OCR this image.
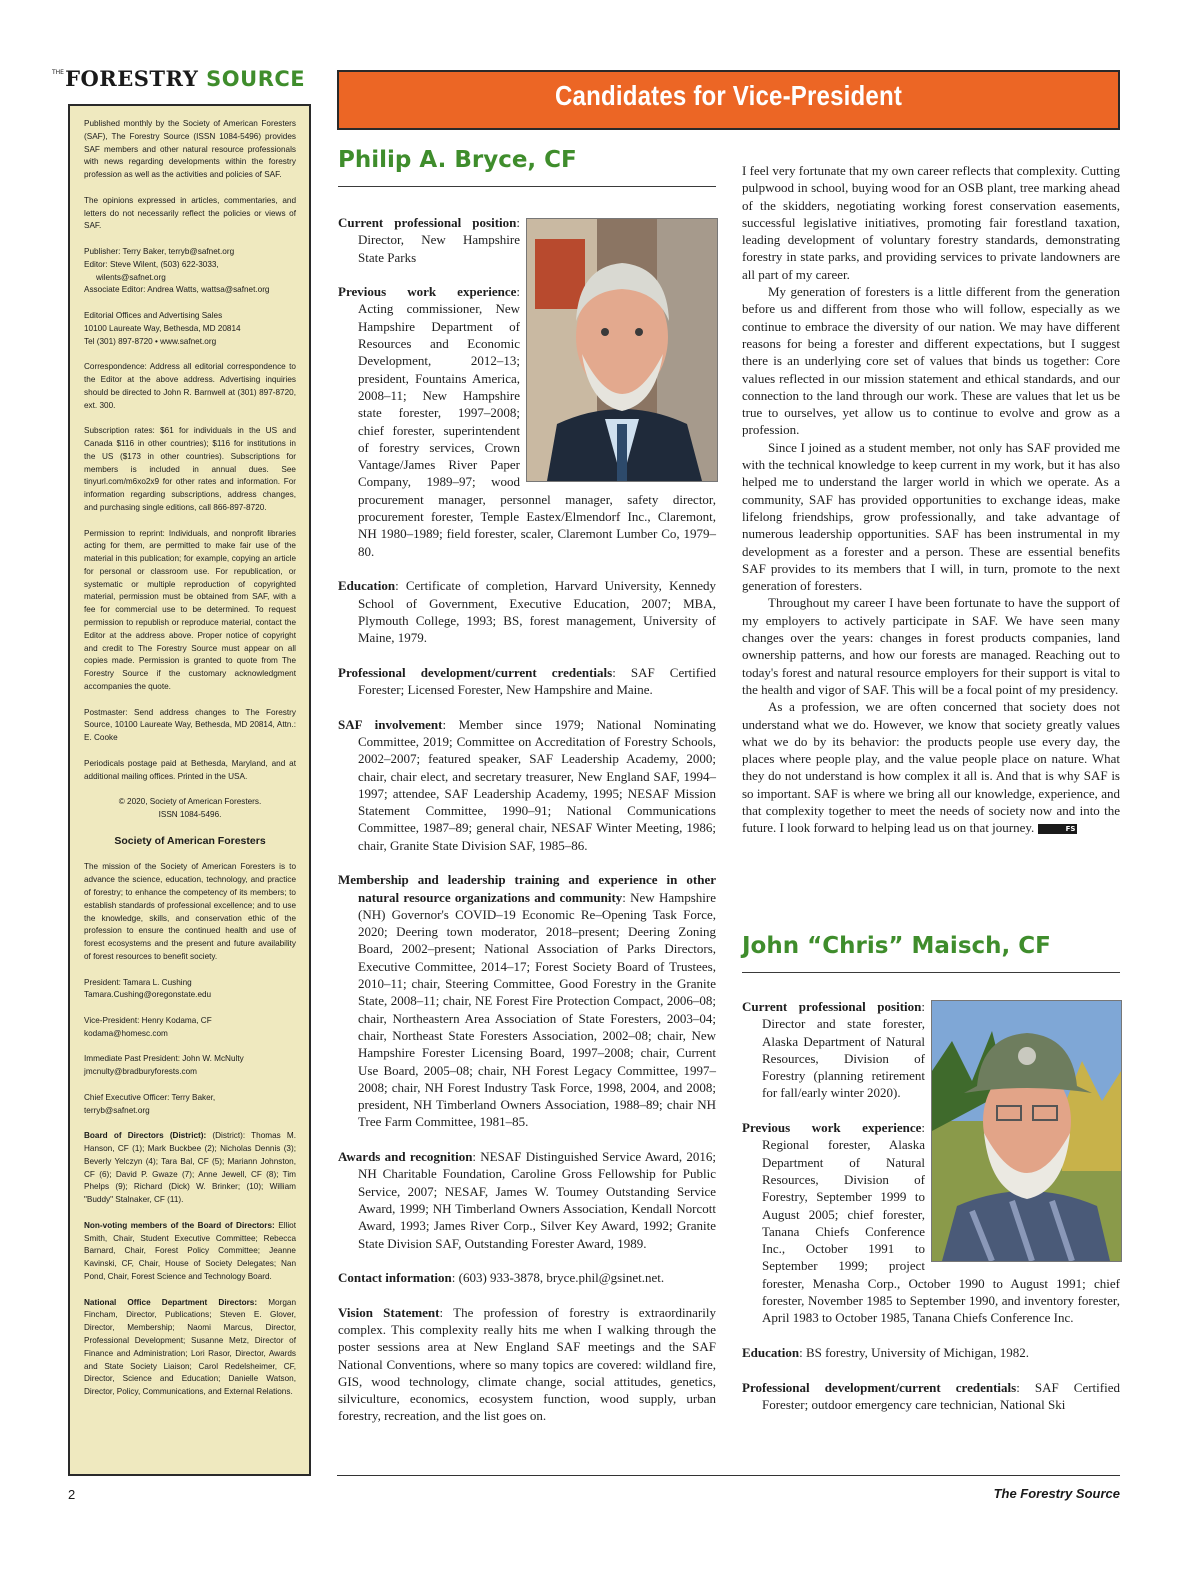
THE FORESTRY SOURCE

Published monthly by the Society of American Foresters (SAF), The Forestry Source (ISSN 1084-5496) provides SAF members and other natural resource professionals with news regarding developments within the forestry profession as well as the activities and policies of SAF.

The opinions expressed in articles, commentaries, and letters do not necessarily reflect the policies or views of SAF.

Publisher: Terry Baker, terryb@safnet.org
Editor: Steve Wilent, (503) 622-3033,
wilents@safnet.org
Associate Editor: Andrea Watts, wattsa@safnet.org

Editorial Offices and Advertising Sales
10100 Laureate Way, Bethesda, MD 20814
Tel (301) 897-8720 • www.safnet.org

Correspondence: Address all editorial correspondence to the Editor at the above address. Advertising inquiries should be directed to John R. Barnwell at (301) 897-8720, ext. 300.

Subscription rates: $61 for individuals in the US and Canada $116 in other countries); $116 for institutions in the US ($173 in other countries). Subscriptions for members is included in annual dues. See tinyurl.com/m6xo2x9 for other rates and information. For information regarding subscriptions, address changes, and purchasing single editions, call 866-897-8720.

Permission to reprint: Individuals, and nonprofit libraries acting for them, are permitted to make fair use of the material in this publication; for example, copying an article for personal or classroom use. For republication, or systematic or multiple reproduction of copyrighted material, permission must be obtained from SAF, with a fee for commercial use to be determined. To request permission to republish or reproduce material, contact the Editor at the address above. Proper notice of copyright and credit to The Forestry Source must appear on all copies made. Permission is granted to quote from The Forestry Source if the customary acknowledgment accompanies the quote.

Postmaster: Send address changes to The Forestry Source, 10100 Laureate Way, Bethesda, MD 20814, Attn.: E. Cooke

Periodicals postage paid at Bethesda, Maryland, and at additional mailing offices. Printed in the USA.

© 2020, Society of American Foresters.
ISSN 1084-5496.

Society of American Foresters

The mission of the Society of American Foresters is to advance the science, education, technology, and practice of forestry; to enhance the competency of its members; to establish standards of professional excellence; and to use the knowledge, skills, and conservation ethic of the profession to ensure the continued health and use of forest ecosystems and the present and future availability of forest resources to benefit society.

President: Tamara L. Cushing
Tamara.Cushing@oregonstate.edu

Vice-President: Henry Kodama, CF
kodama@homesc.com

Immediate Past President: John W. McNulty
jmcnulty@bradburyforests.com

Chief Executive Officer: Terry Baker,
terryb@safnet.org

Board of Directors (District): (District): Thomas M. Hanson, CF (1); Mark Buckbee (2); Nicholas Dennis (3); Beverly Yelczyn (4); Tara Bal, CF (5); Mariann Johnston, CF (6); David P. Gwaze (7); Anne Jewell, CF (8); Tim Phelps (9); Richard (Dick) W. Brinker; (10); William "Buddy" Stalnaker, CF (11).

Non-voting members of the Board of Directors: Elliot Smith, Chair, Student Executive Committee; Rebecca Barnard, Chair, Forest Policy Committee; Jeanne Kavinski, CF, Chair, House of Society Delegates; Nan Pond, Chair, Forest Science and Technology Board.

National Office Department Directors: Morgan Fincham, Director, Publications; Steven E. Glover, Director, Membership; Naomi Marcus, Director, Professional Development; Susanne Metz, Director of Finance and Administration; Lori Rasor, Director, Awards and State Society Liaison; Carol Redelsheimer, CF, Director, Science and Education; Danielle Watson, Director, Policy, Communications, and External Relations.

Candidates for Vice-President
Philip A. Bryce, CF

Current professional position: Director, New Hampshire State Parks

Previous work experience: Acting commissioner, New Hampshire Department of Resources and Economic Development, 2012–13; president, Fountains America, 2008–11; New Hampshire state forester, 1997–2008; chief forester, superintendent of forestry services, Crown Vantage/James River Paper Company, 1989–97; wood procurement manager, personnel manager, safety director, procurement forester, Temple Eastex/Elmendorf Inc., Claremont, NH 1980–1989; field forester, scaler, Claremont Lumber Co, 1979–80.

Education: Certificate of completion, Harvard University, Kennedy School of Government, Executive Education, 2007; MBA, Plymouth College, 1993; BS, forest management, University of Maine, 1979.

Professional development/current credentials: SAF Certified Forester; Licensed Forester, New Hampshire and Maine.

SAF involvement: Member since 1979; National Nominating Committee, 2019; Committee on Accreditation of Forestry Schools, 2002–2007; featured speaker, SAF Leadership Academy, 2000; chair, chair elect, and secretary treasurer, New England SAF, 1994–1997; attendee, SAF Leadership Academy, 1995; NESAF Mission Statement Committee, 1990–91; National Communications Committee, 1987–89; general chair, NESAF Winter Meeting, 1986; chair, Granite State Division SAF, 1985–86.

Membership and leadership training and experience in other natural resource organizations and community: New Hampshire (NH) Governor's COVID–19 Economic Re–Opening Task Force, 2020; Deering town moderator, 2018–present; Deering Zoning Board, 2002–present; National Association of Parks Directors, Executive Committee, 2014–17; Forest Society Board of Trustees, 2010–11; chair, Steering Committee, Good Forestry in the Granite State, 2008–11; chair, NE Forest Fire Protection Compact, 2006–08; chair, Northeastern Area Association of State Foresters, 2003–04; chair, Northeast State Foresters Association, 2002–08; chair, New Hampshire Forester Licensing Board, 1997–2008; chair, Current Use Board, 2005–08; chair, NH Forest Legacy Committee, 1997–2008; chair, NH Forest Industry Task Force, 1998, 2004, and 2008; president, NH Timberland Owners Association, 1988–89; chair NH Tree Farm Committee, 1981–85.

Awards and recognition: NESAF Distinguished Service Award, 2016; NH Charitable Foundation, Caroline Gross Fellowship for Public Service, 2007; NESAF, James W. Toumey Outstanding Service Award, 1999; NH Timberland Owners Association, Kendall Norcott Award, 1993; James River Corp., Silver Key Award, 1992; Granite State Division SAF, Outstanding Forester Award, 1989.

Contact information: (603) 933-3878, bryce.phil@gsinet.net.

Vision Statement: The profession of forestry is extraordinarily complex. This complexity really hits me when I walking through the poster sessions area at New England SAF meetings and the SAF National Conventions, where so many topics are covered: wildland fire, GIS, wood technology, climate change, social attitudes, genetics, silviculture, economics, ecosystem function, wood supply, urban forestry, recreation, and the list goes on.

I feel very fortunate that my own career reflects that complexity. Cutting pulpwood in school, buying wood for an OSB plant, tree marking ahead of the skidders, negotiating working forest conservation easements, successful legislative initiatives, promoting fair forestland taxation, leading development of voluntary forestry standards, demonstrating forestry in state parks, and providing services to private landowners are all part of my career.

My generation of foresters is a little different from the generation before us and different from those who will follow, especially as we continue to embrace the diversity of our nation. We may have different reasons for being a forester and different expectations, but I suggest there is an underlying core set of values that binds us together: Core values reflected in our mission statement and ethical standards, and our connection to the land through our work. These are values that let us be true to ourselves, yet allow us to continue to evolve and grow as a profession.

Since I joined as a student member, not only has SAF provided me with the technical knowledge to keep current in my work, but it has also helped me to understand the larger world in which we operate. As a community, SAF has provided opportunities to exchange ideas, make lifelong friendships, grow professionally, and take advantage of numerous leadership opportunities. SAF has been instrumental in my development as a forester and a person. These are essential benefits SAF provides to its members that I will, in turn, promote to the next generation of foresters.

Throughout my career I have been fortunate to have the support of my employers to actively participate in SAF. We have seen many changes over the years: changes in forest products companies, land ownership patterns, and how our forests are managed. Reaching out to today's forest and natural resource employers for their support is vital to the health and vigor of SAF. This will be a focal point of my presidency.

As a profession, we are often concerned that society does not understand what we do. However, we know that society greatly values what we do by its behavior: the products people use every day, the places where people play, and the value people place on nature. What they do not understand is how complex it all is. And that is why SAF is so important. SAF is where we bring all our knowledge, experience, and that complexity together to meet the needs of society now and into the future. I look forward to helping lead us on that journey.	FS

John “Chris” Maisch, CF

Current professional position: Director and state forester, Alaska Department of Natural Resources, Division of Forestry (planning retirement for fall/early winter 2020).

Previous work experience: Regional forester, Alaska Department of Natural Resources, Division of Forestry, September 1999 to August 2005; chief forester, Tanana Chiefs Conference Inc., October 1991 to September 1999; project forester, Menasha Corp., October 1990 to August 1991; chief forester, November 1985 to September 1990, and inventory forester, April 1983 to October 1985, Tanana Chiefs Conference Inc.

Education: BS forestry, University of Michigan, 1982.

Professional development/current credentials: SAF Certified Forester; outdoor emergency care technician, National Ski

2	The Forestry Source
